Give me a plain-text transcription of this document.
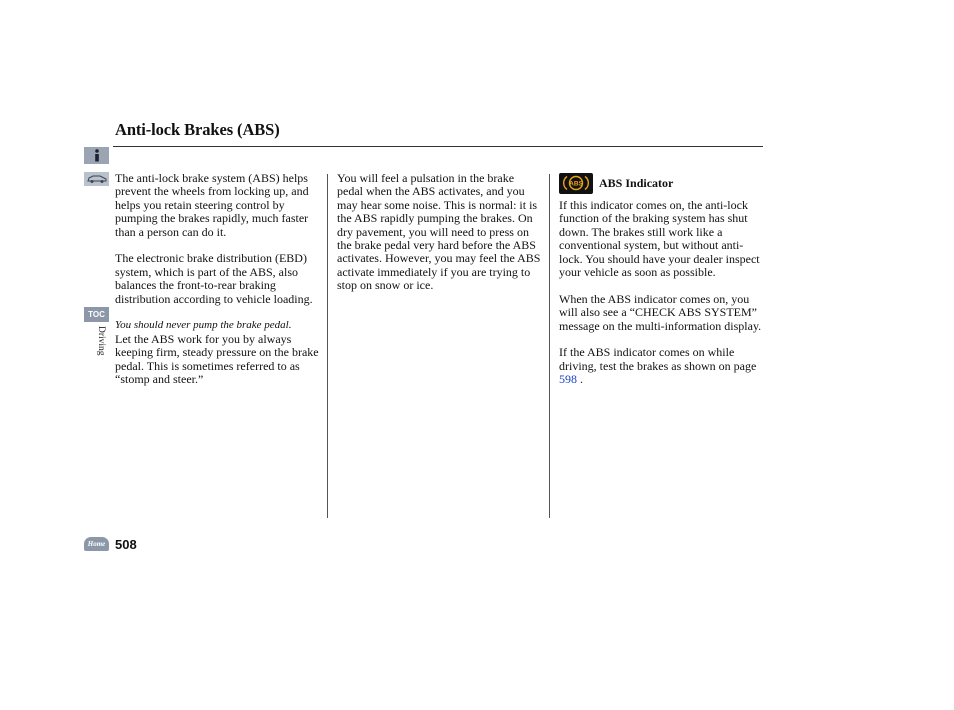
Anti-lock Brakes (ABS)
TOC
Driving
Home 508

The anti-lock brake system (ABS) helps prevent the wheels from locking up, and helps you retain steering control by pumping the brakes rapidly, much faster than a person can do it.

The electronic brake distribution (EBD) system, which is part of the ABS, also balances the front-to-rear braking distribution according to vehicle loading.

You should never pump the brake pedal.
Let the ABS work for you by always keeping firm, steady pressure on the brake pedal. This is sometimes referred to as “stomp and steer.”

You will feel a pulsation in the brake pedal when the ABS activates, and you may hear some noise. This is normal: it is the ABS rapidly pumping the brakes. On dry pavement, you will need to press on the brake pedal very hard before the ABS activates. However, you may feel the ABS activate immediately if you are trying to stop on snow or ice.

ABS ABS Indicator

If this indicator comes on, the anti-lock function of the braking system has shut down. The brakes still work like a conventional system, but without anti-lock. You should have your dealer inspect your vehicle as soon as possible.

When the ABS indicator comes on, you will also see a “CHECK ABS SYSTEM” message on the multi-information display.

If the ABS indicator comes on while driving, test the brakes as shown on page 598 .
